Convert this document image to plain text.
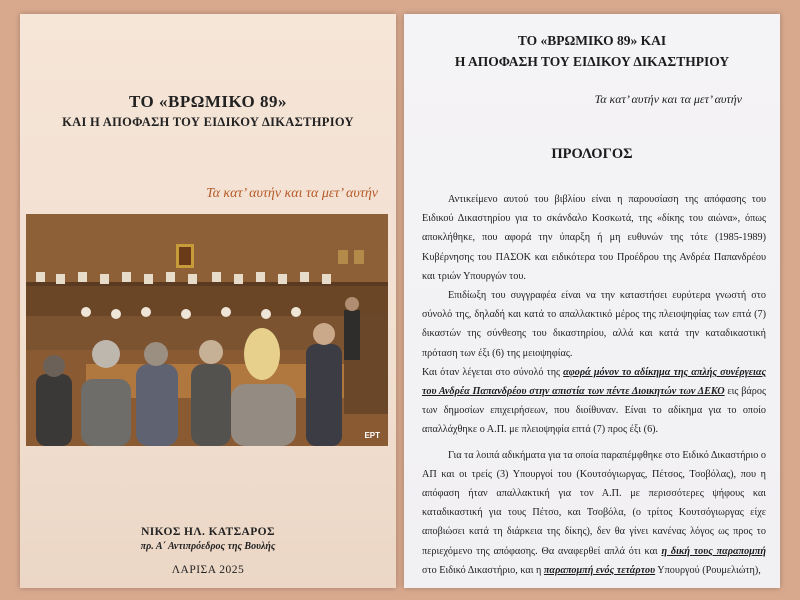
ΤΟ «ΒΡΩΜΙΚΟ 89»
ΚΑΙ Η ΑΠΟΦΑΣΗ ΤΟΥ ΕΙΔΙΚΟΥ ΔΙΚΑΣΤΗΡΙΟΥ
Τα κατ’ αυτήν και τα μετ’ αυτήν
ΕΡΤ
ΝΙΚΟΣ ΗΛ. ΚΑΤΣΑΡΟΣ
πρ. Α΄ Αντιπρόεδρος της Βουλής
ΛΑΡΙΣΑ 2025
ΤΟ «ΒΡΩΜΙΚΟ 89» ΚΑΙ
Η ΑΠΟΦΑΣΗ ΤΟΥ ΕΙΔΙΚΟΥ ΔΙΚΑΣΤΗΡΙΟΥ
Τα κατ’ αυτήν και τα μετ’ αυτήν
ΠΡΟΛΟΓΟΣ

Αντικείμενο αυτού του βιβλίου είναι η παρουσίαση της απόφασης του Ειδικού Δικαστηρίου για το σκάνδαλο Κοσκωτά, της «δίκης του αιώνα», όπως αποκλήθηκε, που αφορά την ύπαρξη ή μη ευθυνών της τότε (1985-1989) Κυβέρνησης του ΠΑΣΟΚ και ειδικότερα του Προέδρου της Ανδρέα Παπανδρέου και τριών Υπουργών του.

Επιδίωξη του συγγραφέα είναι να την καταστήσει ευρύτερα γνωστή στο σύνολό της, δηλαδή και κατά το απαλλακτικό μέρος της πλειοψηφίας των επτά (7) δικαστών της σύνθεσης του δικαστηρίου, αλλά και κατά την καταδικαστική πρόταση των έξι (6) της μειοψηφίας.

Και όταν λέγεται στο σύνολό της αφορά μόνον το αδίκημα της απλής συνέργειας του Ανδρέα Παπανδρέου στην απιστία των πέντε Διοικητών των ΔΕΚΟ εις βάρος των δημοσίων επιχειρήσεων, που διοίθυναν. Είναι το αδίκημα για το οποίο απαλλάχθηκε ο Α.Π. με πλειοψηφία επτά (7) προς έξι (6).

Για τα λοιπά αδικήματα για τα οποία παραπέμφθηκε στο Ειδικό Δικαστήριο ο ΑΠ και οι τρείς (3) Υπουργοί του (Κουτσόγιωργας, Πέτσος, Τσοβόλας), που η απόφαση ήταν απαλλακτική για τον Α.Π. με περισσότερες ψήφους και καταδικαστική για τους Πέτσο, και Τσοβόλα, (ο τρίτος Κουτσόγιωργας είχε αποβιώσει κατά τη διάρκεια της δίκης), δεν θα γίνει κανένας λόγος ως προς το περιεχόμενο της απόφασης. Θα αναφερθεί απλά ότι και η δική τους παραπομπή στο Ειδικό Δικαστήριο, και η παραπομπή ενός τετάρτου Υπουργού (Ρουμελιώτη),
